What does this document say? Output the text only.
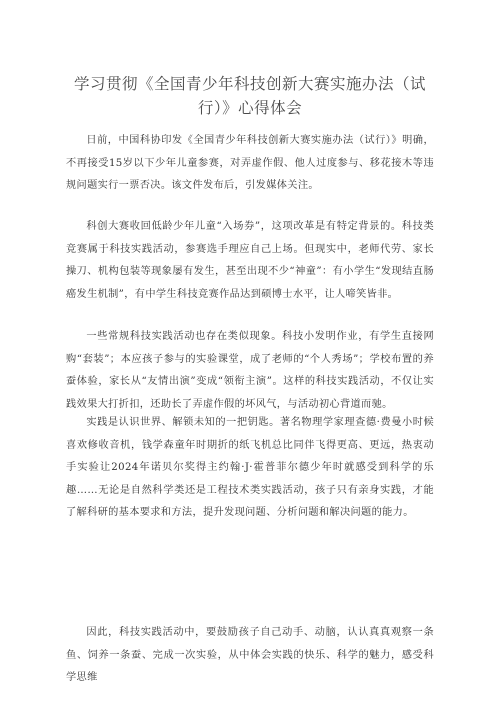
学习贯彻《全国青少年科技创新大赛实施办法（试行）》心得体会

日前，中国科协印发《全国青少年科技创新大赛实施办法（试行）》明确，不再接受15岁以下少年儿童参赛，对弄虚作假、他人过度参与、移花接木等违规问题实行一票否决。该文件发布后，引发媒体关注。

科创大赛收回低龄少年儿童“入场券”，这项改革是有特定背景的。科技类竞赛属于科技实践活动，参赛选手理应自己上场。但现实中，老师代劳、家长操刀、机构包装等现象屡有发生，甚至出现不少“神童”：有小学生“发现结直肠癌发生机制”，有中学生科技竞赛作品达到硕博士水平，让人啼笑皆非。

一些常规科技实践活动也存在类似现象。科技小发明作业，有学生直接网购“套装”；本应孩子参与的实验课堂，成了老师的“个人秀场”；学校布置的养蚕体验，家长从“友情出演”变成“领衔主演”。这样的科技实践活动，不仅让实践效果大打折扣，还助长了弄虚作假的坏风气，与活动初心背道而驰。

实践是认识世界、解锁未知的一把钥匙。著名物理学家理查德·费曼小时候喜欢修收音机，钱学森童年时期折的纸飞机总比同伴飞得更高、更远，热衷动手实验让2024年诺贝尔奖得主约翰·J·霍普菲尔德少年时就感受到科学的乐趣……无论是自然科学类还是工程技术类实践活动，孩子只有亲身实践，才能了解科研的基本要求和方法，提升发现问题、分析问题和解决问题的能力。

因此，科技实践活动中，要鼓励孩子自己动手、动脑，认认真真观察一条鱼、饲养一条蚕、完成一次实验，从中体会实践的快乐、科学的魅力，感受科学思维
